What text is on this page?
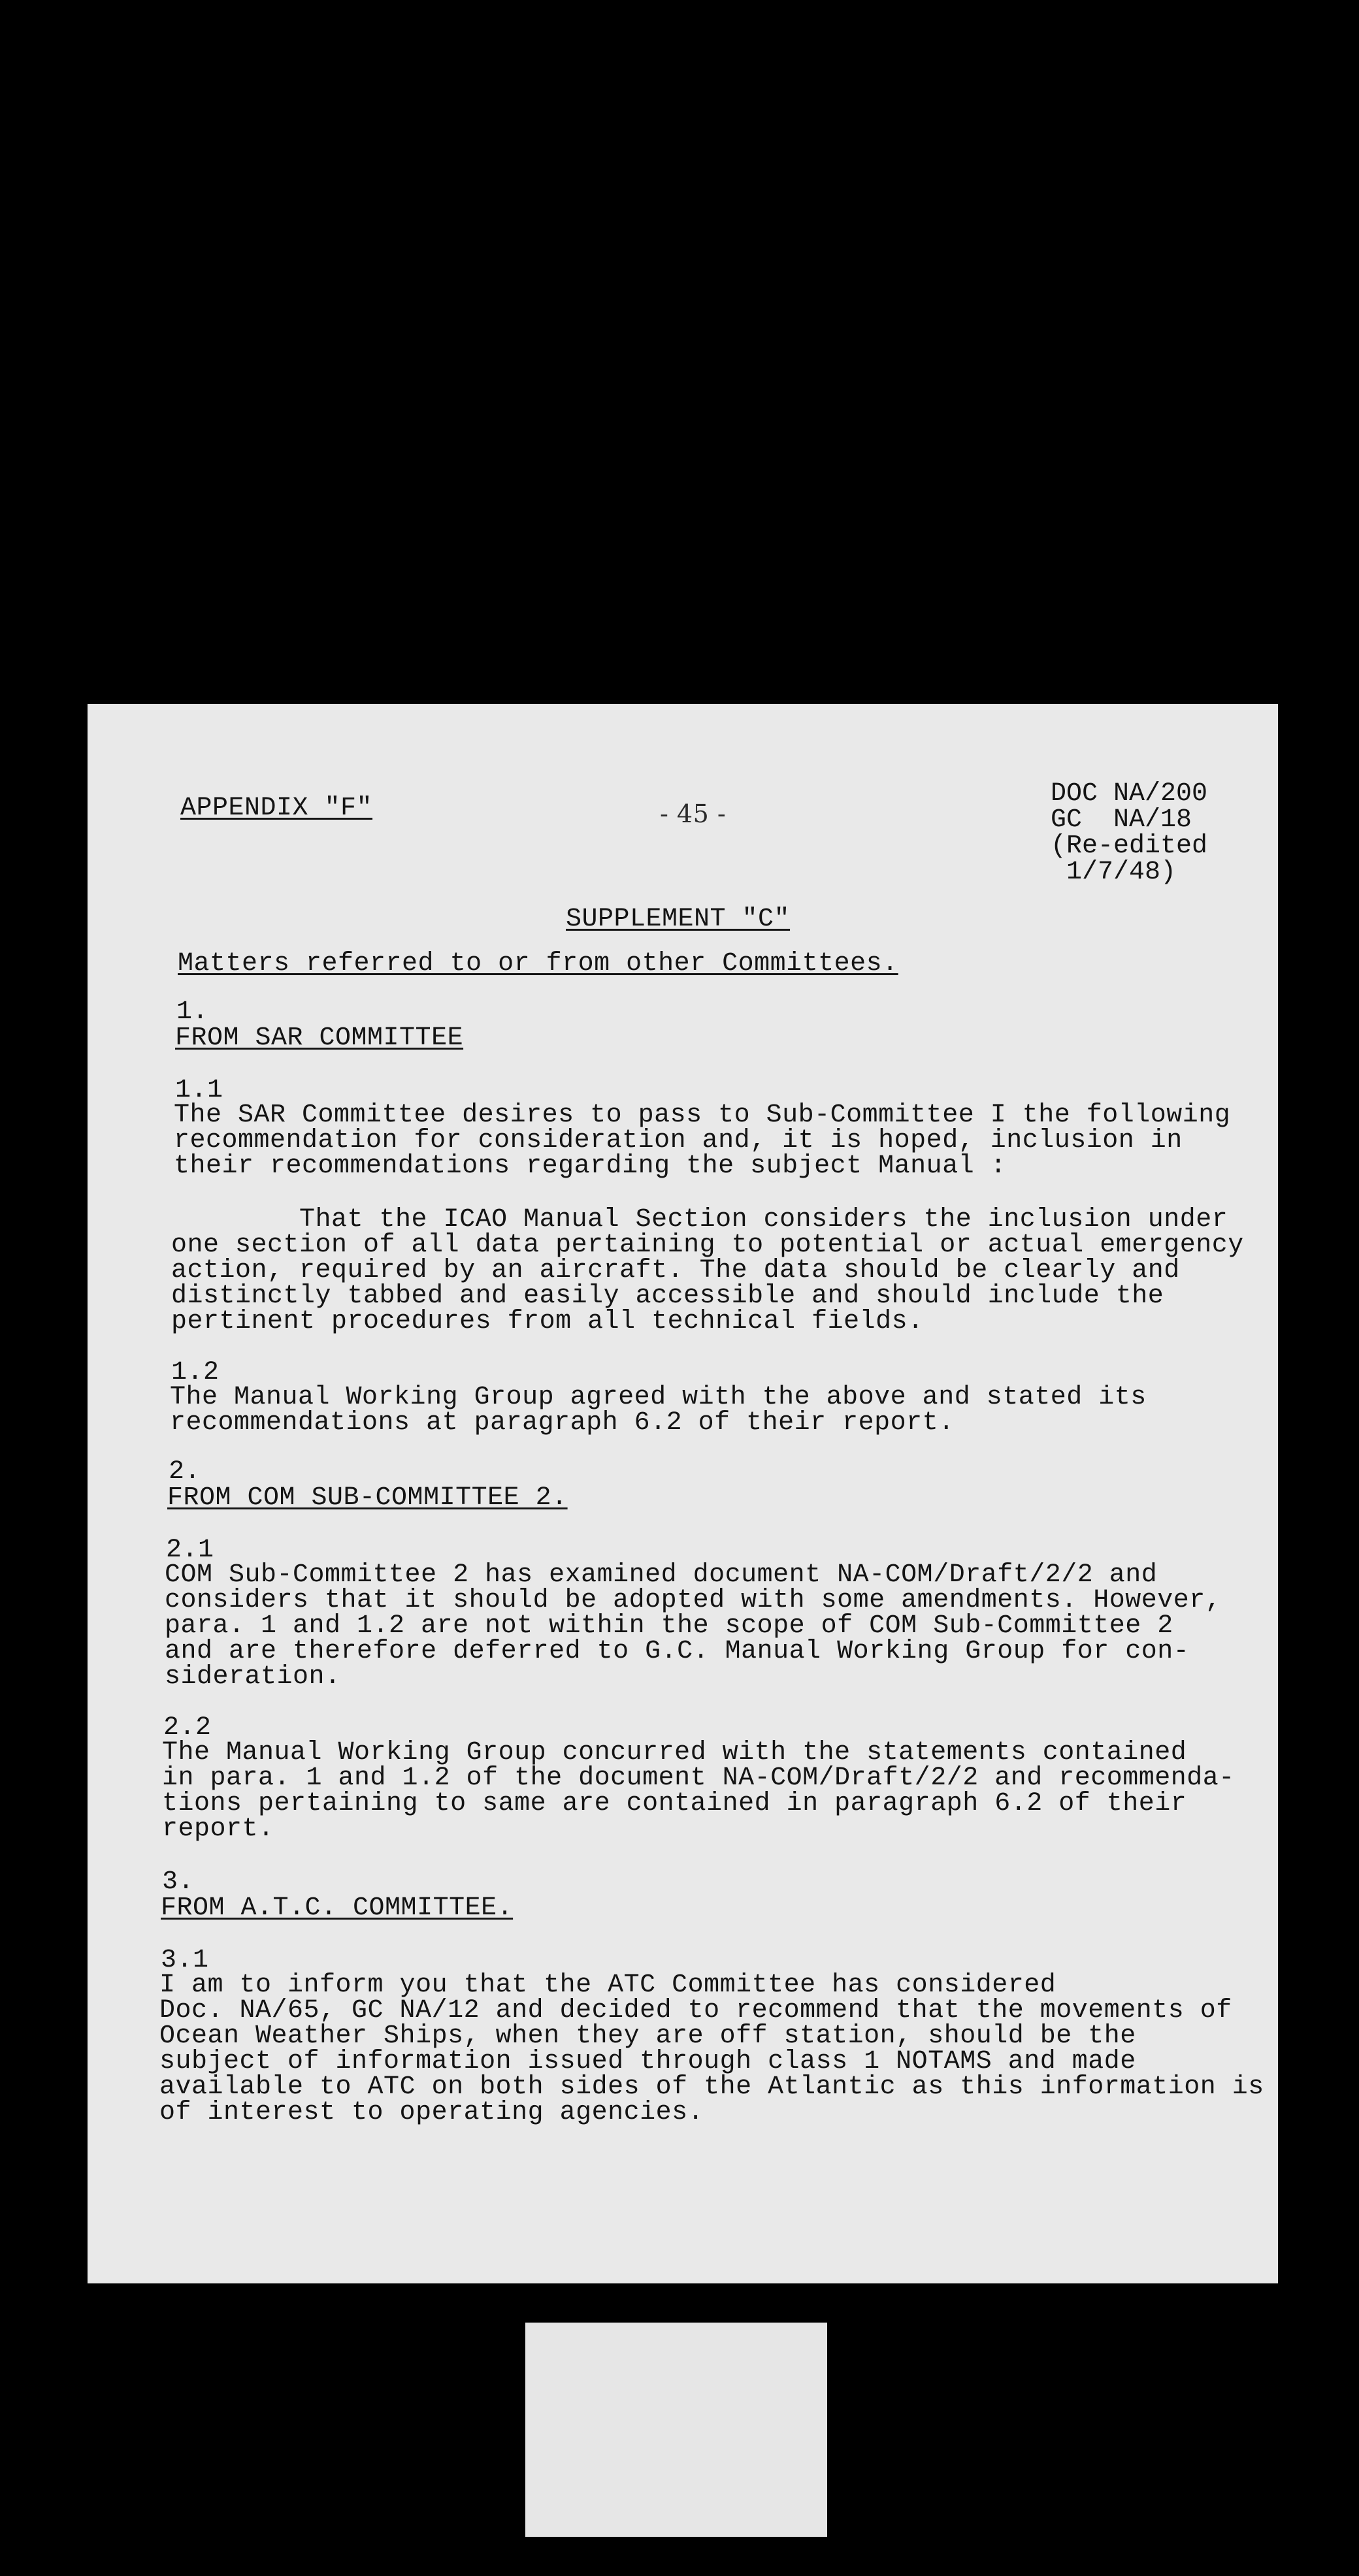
APPENDIX "F"	- 45 -
DOC NA/200
GC  NA/18
(Re-edited
1/7/48)
SUPPLEMENT "C"
Matters referred to or from other Committees.
1.
FROM SAR COMMITTEE
1.1
The SAR Committee desires to pass to Sub-Committee I the following
recommendation for consideration and, it is hoped, inclusion in
their recommendations regarding the subject Manual :
That the ICAO Manual Section considers the inclusion under
one section of all data pertaining to potential or actual emergency
action, required by an aircraft. The data should be clearly and
distinctly tabbed and easily accessible and should include the
pertinent procedures from all technical fields.
1.2
The Manual Working Group agreed with the above and stated its
recommendations at paragraph 6.2 of their report.
2.
FROM COM SUB-COMMITTEE 2.
2.1
COM Sub-Committee 2 has examined document NA-COM/Draft/2/2 and
considers that it should be adopted with some amendments. However,
para. 1 and 1.2 are not within the scope of COM Sub-Committee 2
and are therefore deferred to G.C. Manual Working Group for con-
sideration.
2.2
The Manual Working Group concurred with the statements contained
in para. 1 and 1.2 of the document NA-COM/Draft/2/2 and recommenda-
tions pertaining to same are contained in paragraph 6.2 of their
report.
3.
FROM A.T.C. COMMITTEE.
3.1
I am to inform you that the ATC Committee has considered
Doc. NA/65, GC NA/12 and decided to recommend that the movements of
Ocean Weather Ships, when they are off station, should be the
subject of information issued through class 1 NOTAMS and made
available to ATC on both sides of the Atlantic as this information is
of interest to operating agencies.
